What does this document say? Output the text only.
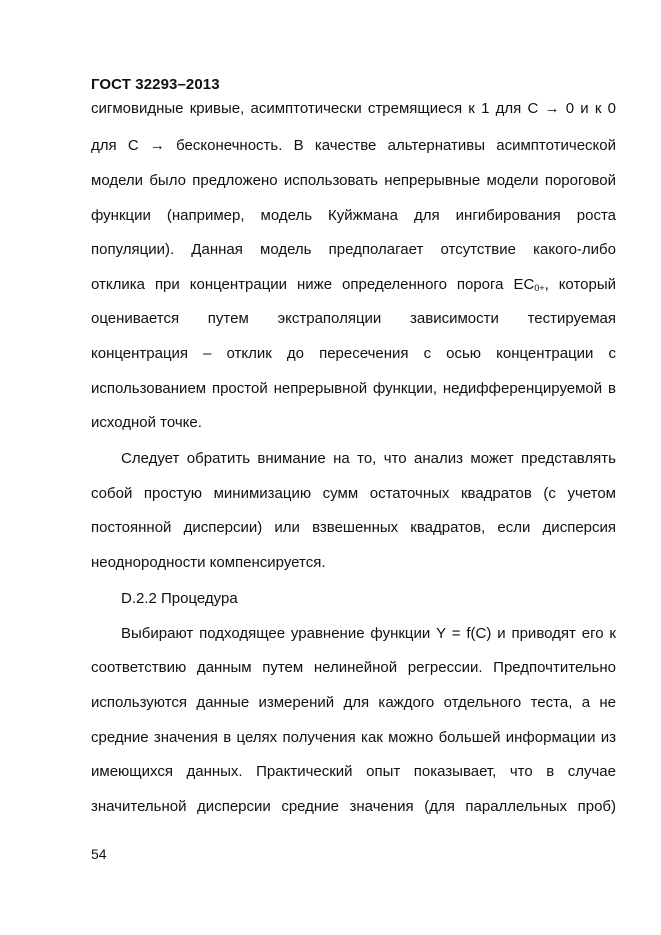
ГОСТ 32293–2013
сигмовидные кривые, асимптотически стремящиеся к 1 для C → 0 и к 0
для C → бесконечность. В качестве альтернативы асимптотической
модели было предложено использовать непрерывные модели пороговой
функции (например, модель Куйжмана для ингибирования роста
популяции). Данная модель предполагает отсутствие какого-либо
отклика при концентрации ниже определенного порога $EC_{0+}$, который
оценивается путем экстраполяции зависимости тестируемая
концентрация – отклик до пересечения с осью концентрации с
использованием простой непрерывной функции, недифференцируемой в
исходной точке.
Следует обратить внимание на то, что анализ может представлять
собой простую минимизацию сумм остаточных квадратов (с учетом
постоянной дисперсии) или взвешенных квадратов, если дисперсия
неоднородности компенсируется.
D.2.2 Процедура
Выбирают подходящее уравнение функции Y = f(C) и приводят его к
соответствию данным путем нелинейной регрессии. Предпочтительно
используются данные измерений для каждого отдельного теста, а не
средние значения в целях получения как можно большей информации из
имеющихся данных. Практический опыт показывает, что в случае
значительной дисперсии средние значения (для параллельных проб)
54
